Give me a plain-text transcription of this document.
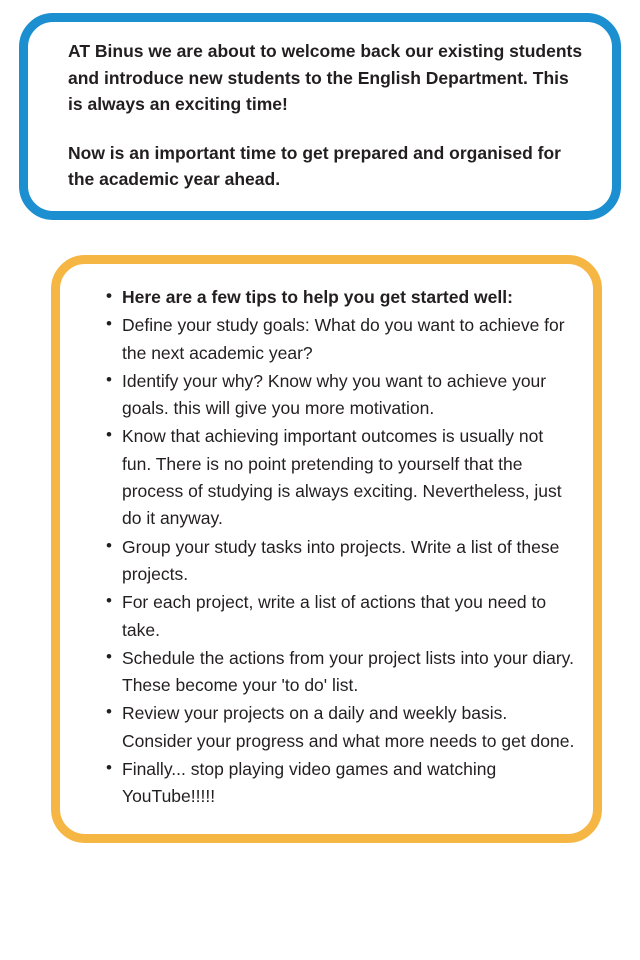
AT Binus we are about to welcome back our existing students and introduce new students to the English Department. This is always an exciting time!

Now is an important time to get prepared and organised for the academic year ahead.

• Here are a few tips to help you get started well:
• Define your study goals: What do you want to achieve for the next academic year?
• Identify your why? Know why you want to achieve your goals. this will give you more motivation.
• Know that achieving important outcomes is usually not fun. There is no point pretending to yourself that the process of studying is always exciting. Nevertheless, just do it anyway.
• Group your study tasks into projects. Write a list of these projects.
• For each project, write a list of actions that you need to take.
• Schedule the actions from your project lists into your diary. These become your 'to do' list.
• Review your projects on a daily and weekly basis. Consider your progress and what more needs to get done.
• Finally... stop playing video games and watching YouTube!!!!!
